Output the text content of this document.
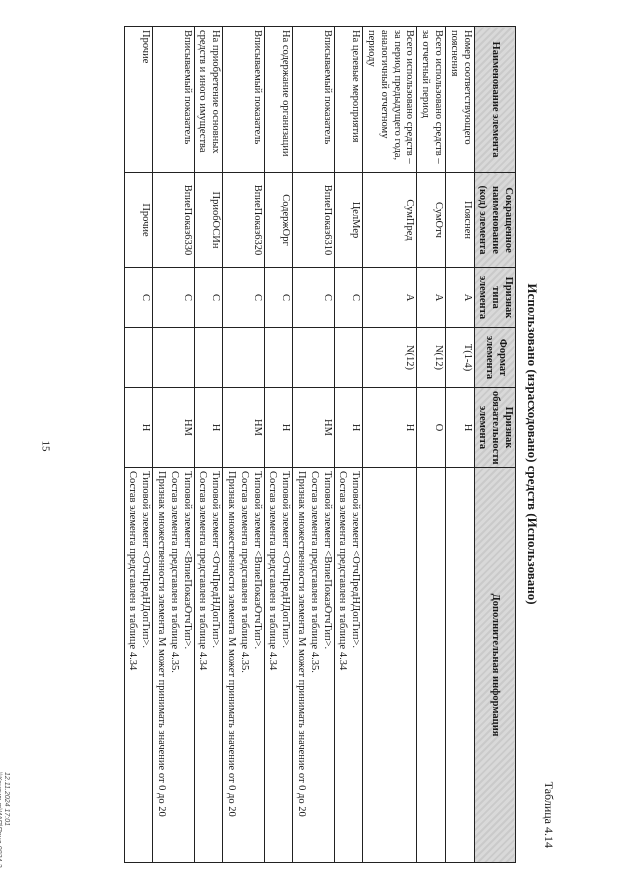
15
Таблица 4.14
Использовано (израсходовано) средств (Использовано)
Наименование элемента	Сокращенное наименование (код) элемента	Признак типа элемента	Формат элемента	Признак обязательности элемента	Дополнительная информация
Номер соответствующего пояснения	Пояснен	А	T(1-4)	Н	
Всего использовано средств – за отчетный период	СумОтч	А	N(12)	О	
Всего использовано средств – за период предыдущего года, аналогичный отчетному периоду	СумПред	А	N(12)	Н	
На целевые мероприятия	ЦелМер	С		Н	Типовой элемент <ОтчПредНДопТип>.
Состав элемента представлен в таблице 4.34

Вписываемый показатель	ВпиеПоказ6310	С		НМ	Типовой элемент <ВпиеПоказОтчТип>.
Состав элемента представлен в таблице 4.35.
Признак множественности элемента М может принимать значение от 0 до 20

На содержание организации	СодержОрг	С		Н	Типовой элемент <ОтчПредНДопТип>.
Состав элемента представлен в таблице 4.34

Вписываемый показатель	ВпиеПоказ6320	С		НМ	Типовой элемент <ВпиеПоказОтчТип>.
Состав элемента представлен в таблице 4.35.
Признак множественности элемента М может принимать значение от 0 до 20

На приобретение основных средств и иного имущества	ПриобОСИн	С		Н	Типовой элемент <ОтчПредНДопТип>.
Состав элемента представлен в таблице 4.34

Вписываемый показатель	ВпиеПоказ6330	С		НМ	Типовой элемент <ВпиеПоказОтчТип>.
Состав элемента представлен в таблице 4.35.
Признак множественности элемента М может принимать значение от 0 до 20

Прочие	Прочие	С		Н	Типовой элемент <ОтчПредНДопТип>.
Состав элемента представлен в таблице 4.34
12.11.2024 17:01
